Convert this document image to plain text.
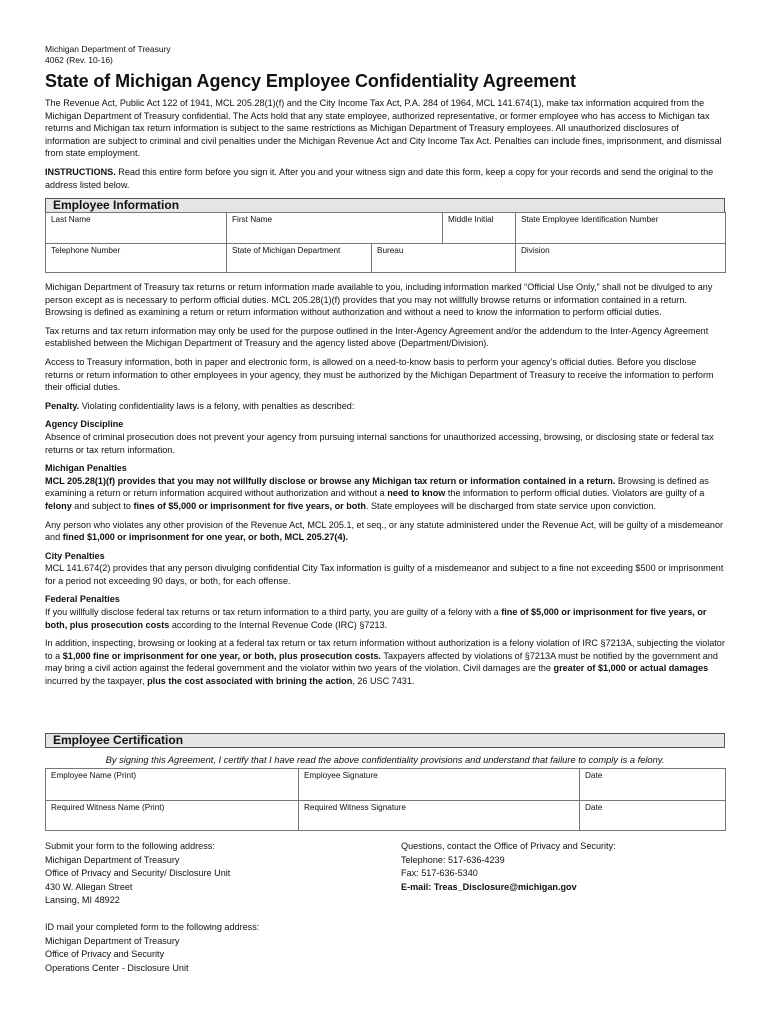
Michigan Department of Treasury
4062 (Rev. 10-16)
State of Michigan Agency Employee Confidentiality Agreement

The Revenue Act, Public Act 122 of 1941, MCL 205.28(1)(f) and the City Income Tax Act, P.A. 284 of 1964, MCL 141.674(1), make tax information acquired from the Michigan Department of Treasury confidential. The Acts hold that any state employee, authorized representative, or former employee who has access to Michigan tax returns and Michigan tax return information is subject to the same restrictions as Michigan Department of Treasury employees. All unauthorized disclosures of information are subject to criminal and civil penalties under the Michigan Revenue Act and City Income Tax Act. Penalties can include fines, imprisonment, and dismissal from state employment.

INSTRUCTIONS. Read this entire form before you sign it. After you and your witness sign and date this form, keep a copy for your records and send the original to the address listed below.

Employee Information
Last Name	First Name		Middle Initial	State Employee Identification Number
Telephone Number	State of Michigan Department	Bureau		Division

Michigan Department of Treasury tax returns or return information made available to you, including information marked “Official Use Only,” shall not be divulged to any person except as is necessary to perform official duties. MCL 205.28(1)(f) provides that you may not willfully browse returns or information contained in a return. Browsing is defined as examining a return or return information without authorization and without a need to know the information to perform official duties.

Tax returns and tax return information may only be used for the purpose outlined in the Inter-Agency Agreement and/or the addendum to the Inter-Agency Agreement established between the Michigan Department of Treasury and the agency listed above (Department/Division).

Access to Treasury information, both in paper and electronic form, is allowed on a need-to-know basis to perform your agency’s official duties. Before you disclose returns or return information to other employees in your agency, they must be authorized by the Michigan Department of Treasury to receive the information to perform their official duties.

Penalty. Violating confidentiality laws is a felony, with penalties as described:

Agency Discipline

Absence of criminal prosecution does not prevent your agency from pursuing internal sanctions for unauthorized accessing, browsing, or disclosing state or federal tax returns or tax return information.

Michigan Penalties

MCL 205.28(1)(f) provides that you may not willfully disclose or browse any Michigan tax return or information contained in a return. Browsing is defined as examining a return or return information acquired without authorization and without a need to know the information to perform official duties. Violators are guilty of a felony and subject to fines of $5,000 or imprisonment for five years, or both. State employees will be discharged from state service upon conviction.

Any person who violates any other provision of the Revenue Act, MCL 205.1, et seq., or any statute administered under the Revenue Act, will be guilty of a misdemeanor and fined $1,000 or imprisonment for one year, or both, MCL 205.27(4).

City Penalties

MCL 141.674(2) provides that any person divulging confidential City Tax information is guilty of a misdemeanor and subject to a fine not exceeding $500 or imprisonment for a period not exceeding 90 days, or both, for each offense.

Federal Penalties

If you willfully disclose federal tax returns or tax return information to a third party, you are guilty of a felony with a fine of $5,000 or imprisonment for five years, or both, plus prosecution costs according to the Internal Revenue Code (IRC) §7213.

In addition, inspecting, browsing or looking at a federal tax return or tax return information without authorization is a felony violation of IRC §7213A, subjecting the violator to a $1,000 fine or imprisonment for one year, or both, plus prosecution costs. Taxpayers affected by violations of §7213A must be notified by the government and may bring a civil action against the federal government and the violator within two years of the violation. Civil damages are the greater of $1,000 or actual damages incurred by the taxpayer, plus the cost associated with brining the action, 26 USC 7431.

Employee Certification
By signing this Agreement, I certify that I have read the above confidentiality provisions and understand that failure to comply is a felony.
Employee Name (Print)	Employee Signature	Date
Required Witness Name (Print)	Required Witness Signature	Date
Submit your form to the following address:
Michigan Department of Treasury
Office of Privacy and Security/ Disclosure Unit
430 W. Allegan Street
Lansing, MI 48922
ID mail your completed form to the following address:
Michigan Department of Treasury
Office of Privacy and Security
Operations Center - Disclosure Unit
Questions, contact the Office of Privacy and Security:
Telephone: 517-636-4239
Fax: 517-636-5340
E-mail: Treas_Disclosure@michigan.gov
